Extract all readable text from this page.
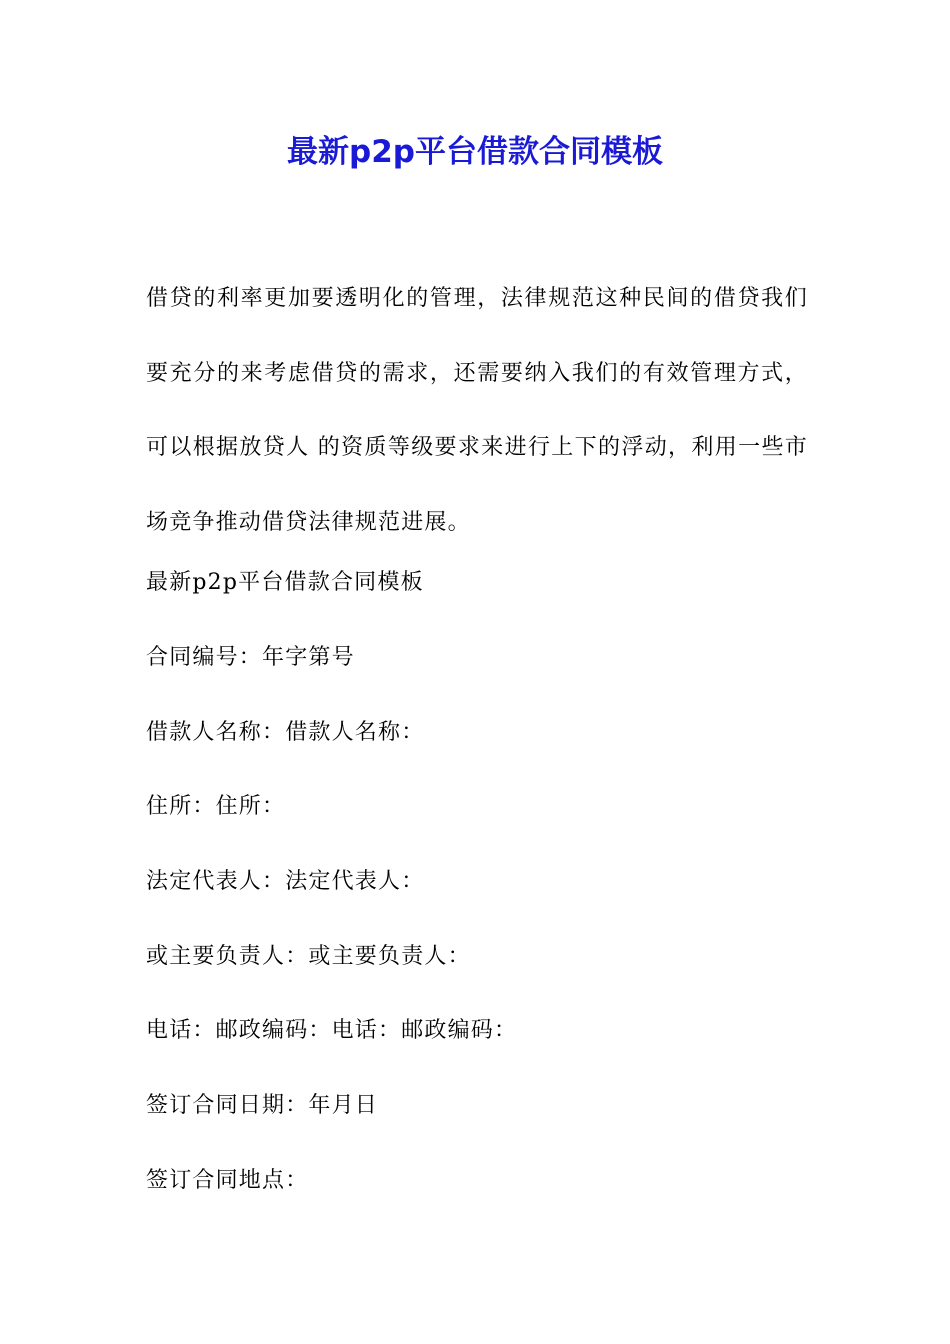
最新p2p平台借款合同模板

借贷的利率更加要透明化的管理，法律规范这种民间的借贷我们要充分的来考虑借贷的需求，还需要纳入我们的有效管理方式，可以根据放贷人 的资质等级要求来进行上下的浮动，利用一些市场竞争推动借贷法律规范进展。

最新p2p平台借款合同模板

合同编号：年字第号

借款人名称：借款人名称：

住所：住所：

法定代表人：法定代表人：

或主要负责人：或主要负责人：

电话：邮政编码：电话：邮政编码：

签订合同日期：年月日

签订合同地点：
